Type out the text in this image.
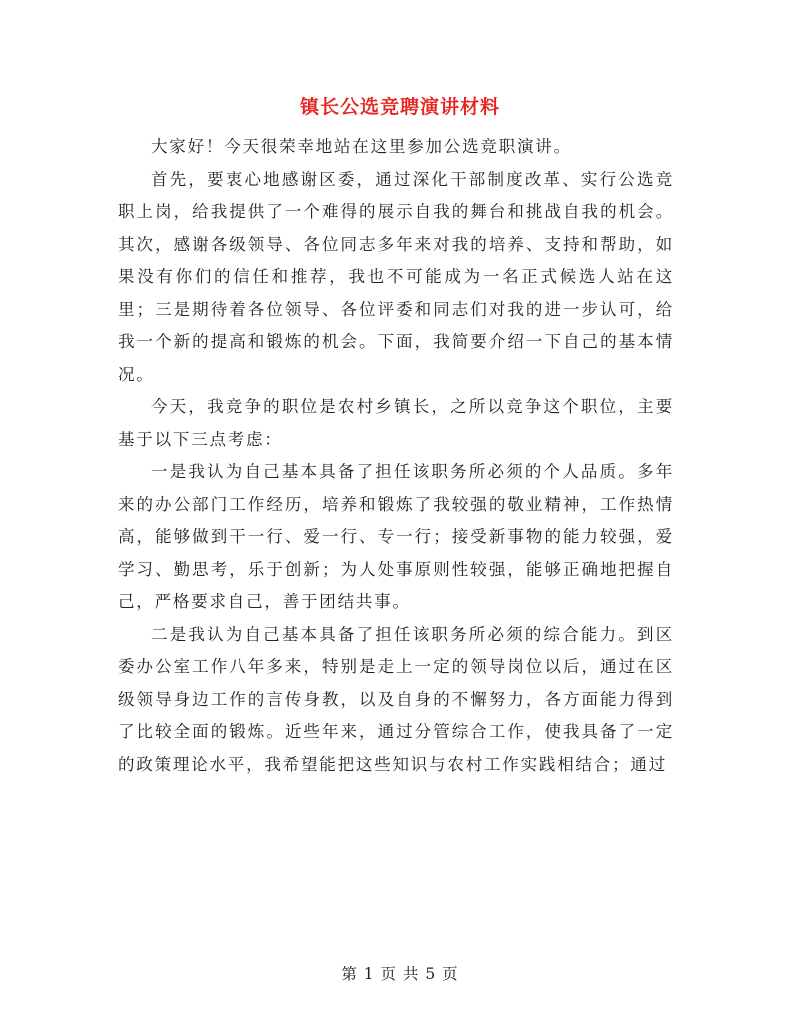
镇长公选竞聘演讲材料

大家好！今天很荣幸地站在这里参加公选竞职演讲。

首先，要衷心地感谢区委，通过深化干部制度改革、实行公选竞职上岗，给我提供了一个难得的展示自我的舞台和挑战自我的机会。其次，感谢各级领导、各位同志多年来对我的培养、支持和帮助，如果没有你们的信任和推荐，我也不可能成为一名正式候选人站在这里；三是期待着各位领导、各位评委和同志们对我的进一步认可，给我一个新的提高和锻炼的机会。下面，我简要介绍一下自己的基本情况。

今天，我竞争的职位是农村乡镇长，之所以竞争这个职位，主要基于以下三点考虑：

一是我认为自己基本具备了担任该职务所必须的个人品质。多年来的办公部门工作经历，培养和锻炼了我较强的敬业精神，工作热情高，能够做到干一行、爱一行、专一行；接受新事物的能力较强，爱学习、勤思考，乐于创新；为人处事原则性较强，能够正确地把握自己，严格要求自己，善于团结共事。

二是我认为自己基本具备了担任该职务所必须的综合能力。到区委办公室工作八年多来，特别是走上一定的领导岗位以后，通过在区级领导身边工作的言传身教，以及自身的不懈努力，各方面能力得到了比较全面的锻炼。近些年来，通过分管综合工作，使我具备了一定的政策理论水平，我希望能把这些知识与农村工作实践相结合；通过

第 1 页 共 5 页
